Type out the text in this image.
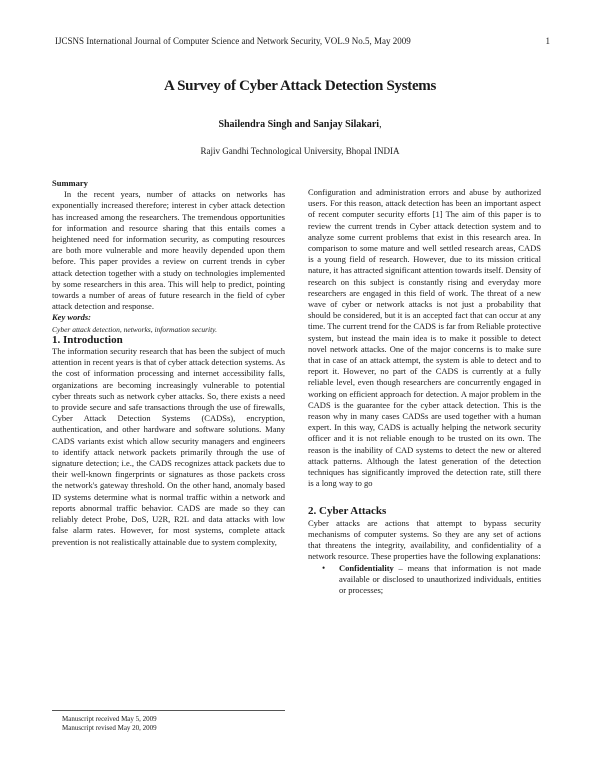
IJCSNS International Journal of Computer Science and Network Security, VOL.9 No.5, May 2009	1
A Survey of Cyber Attack Detection Systems
Shailendra Singh and Sanjay Silakari,
Rajiv Gandhi Technological University, Bhopal INDIA

Summary

In the recent years, number of attacks on networks has exponentially increased therefore; interest in cyber attack detection has increased among the researchers. The tremendous opportunities for information and resource sharing that this entails comes a heightened need for information security, as computing resources are both more vulnerable and more heavily depended upon them before. This paper provides a review on current trends in cyber attack detection together with a study on technologies implemented by some researchers in this area. This will help to predict, pointing towards a number of areas of future research in the field of cyber attack detection and response.

Key words:

Cyber attack detection, networks, information security.

1. Introduction

The information security research that has been the subject of much attention in recent years is that of cyber attack detection systems. As the cost of information processing and internet accessibility falls, organizations are becoming increasingly vulnerable to potential cyber threats such as network cyber attacks. So, there exists a need to provide secure and safe transactions through the use of firewalls, Cyber Attack Detection Systems (CADSs), encryption, authentication, and other hardware and software solutions. Many CADS variants exist which allow security managers and engineers to identify attack network packets primarily through the use of signature detection; i.e., the CADS recognizes attack packets due to their well-known fingerprints or signatures as those packets cross the network's gateway threshold. On the other hand, anomaly based ID systems determine what is normal traffic within a network and reports abnormal traffic behavior. CADS are made so they can reliably detect Probe, DoS, U2R, R2L and data attacks with low false alarm rates. However, for most systems, complete attack prevention is not realistically attainable due to system complexity,

Configuration and administration errors and abuse by authorized users. For this reason, attack detection has been an important aspect of recent computer security efforts [1] The aim of this paper is to review the current trends in Cyber attack detection system and to analyze some current problems that exist in this research area. In comparison to some mature and well settled research areas, CADS is a young field of research. However, due to its mission critical nature, it has attracted significant attention towards itself. Density of research on this subject is constantly rising and everyday more researchers are engaged in this field of work. The threat of a new wave of cyber or network attacks is not just a probability that should be considered, but it is an accepted fact that can occur at any time. The current trend for the CADS is far from Reliable protective system, but instead the main idea is to make it possible to detect novel network attacks. One of the major concerns is to make sure that in case of an attack attempt, the system is able to detect and to report it. However, no part of the CADS is currently at a fully reliable level, even though researchers are concurrently engaged in working on efficient approach for detection. A major problem in the CADS is the guarantee for the cyber attack detection. This is the reason why in many cases CADSs are used together with a human expert. In this way, CADS is actually helping the network security officer and it is not reliable enough to be trusted on its own. The reason is the inability of CAD systems to detect the new or altered attack patterns. Although the latest generation of the detection techniques has significantly improved the detection rate, still there is a long way to go

2. Cyber Attacks

Cyber attacks are actions that attempt to bypass security mechanisms of computer systems. So they are any set of actions that threatens the integrity, availability, and confidentiality of a network resource. These properties have the following explanations:

• Confidentiality – means that information is not made available or disclosed to unauthorized individuals, entities or processes;
Manuscript received May 5, 2009
Manuscript revised May 20, 2009
